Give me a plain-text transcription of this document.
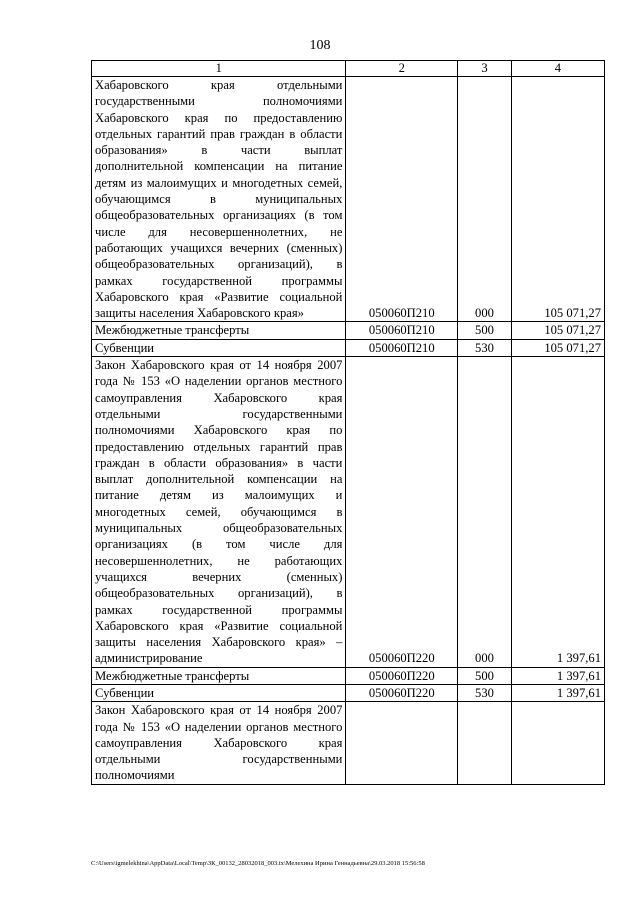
108
1	2	3	4
Хабаровского края отдельными государственными полномочиями Хабаровского края по предоставлению отдельных гарантий прав граждан в области образования» в части выплат дополнительной компенсации на питание детям из малоимущих и многодетных семей, обучающимся в муниципальных общеобразовательных организациях (в том числе для несовершеннолетних, не работающих учащихся вечерних (сменных) общеобразовательных организаций), в рамках государственной программы Хабаровского края «Развитие социальной защиты населения Хабаровского края»	050060П210	000	105 071,27
Межбюджетные трансферты	050060П210	500	105 071,27
Субвенции	050060П210	530	105 071,27
Закон Хабаровского края от 14 ноября 2007 года № 153 «О наделении органов местного самоуправления Хабаровского края отдельными государственными полномочиями Хабаровского края по предоставлению отдельных гарантий прав граждан в области образования» в части выплат дополнительной компенсации на питание детям из малоимущих и многодетных семей, обучающимся в муниципальных общеобразовательных организациях (в том числе для несовершеннолетних, не работающих учащихся вечерних (сменных) общеобразовательных организаций), в рамках государственной программы Хабаровского края «Развитие социальной защиты населения Хабаровского края» – администрирование	050060П220	000	1 397,61
Межбюджетные трансферты	050060П220	500	1 397,61
Субвенции	050060П220	530	1 397,61
Закон Хабаровского края от 14 ноября 2007 года № 153 «О наделении органов местного самоуправления Хабаровского края отдельными государственными полномочиями			
C:\Users\igmelekhina\AppData\Local\Temp\ЗК_00132_28032018_003.tx\Мелехина Ирина Геннадьевна\29.03.2018 15:56:58
